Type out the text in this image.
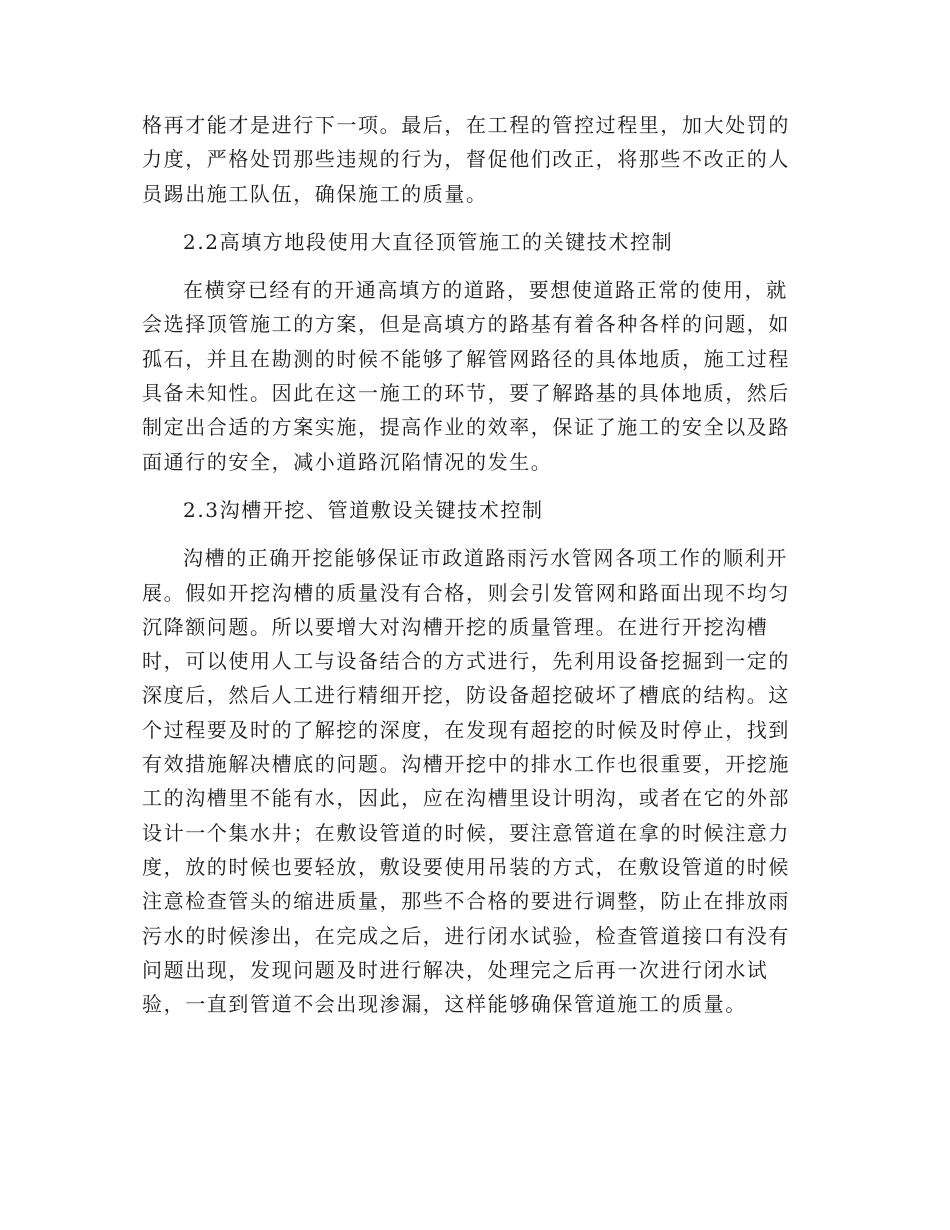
格再才能才是进行下一项。最后，在工程的管控过程里，加大处罚的
力度，严格处罚那些违规的行为，督促他们改正，将那些不改正的人
员踢出施工队伍，确保施工的质量。
2.2高填方地段使用大直径顶管施工的关键技术控制
在横穿已经有的开通高填方的道路，要想使道路正常的使用，就
会选择顶管施工的方案，但是高填方的路基有着各种各样的问题，如
孤石，并且在勘测的时候不能够了解管网路径的具体地质，施工过程
具备未知性。因此在这一施工的环节，要了解路基的具体地质，然后
制定出合适的方案实施，提高作业的效率，保证了施工的安全以及路
面通行的安全，减小道路沉陷情况的发生。
2.3沟槽开挖、管道敷设关键技术控制
沟槽的正确开挖能够保证市政道路雨污水管网各项工作的顺利开
展。假如开挖沟槽的质量没有合格，则会引发管网和路面出现不均匀
沉降额问题。所以要增大对沟槽开挖的质量管理。在进行开挖沟槽
时，可以使用人工与设备结合的方式进行，先利用设备挖掘到一定的
深度后，然后人工进行精细开挖，防设备超挖破坏了槽底的结构。这
个过程要及时的了解挖的深度，在发现有超挖的时候及时停止，找到
有效措施解决槽底的问题。沟槽开挖中的排水工作也很重要，开挖施
工的沟槽里不能有水，因此，应在沟槽里设计明沟，或者在它的外部
设计一个集水井；在敷设管道的时候，要注意管道在拿的时候注意力
度，放的时候也要轻放，敷设要使用吊装的方式，在敷设管道的时候
注意检查管头的缩进质量，那些不合格的要进行调整，防止在排放雨
污水的时候渗出，在完成之后，进行闭水试验，检查管道接口有没有
问题出现，发现问题及时进行解决，处理完之后再一次进行闭水试
验，一直到管道不会出现渗漏，这样能够确保管道施工的质量。
